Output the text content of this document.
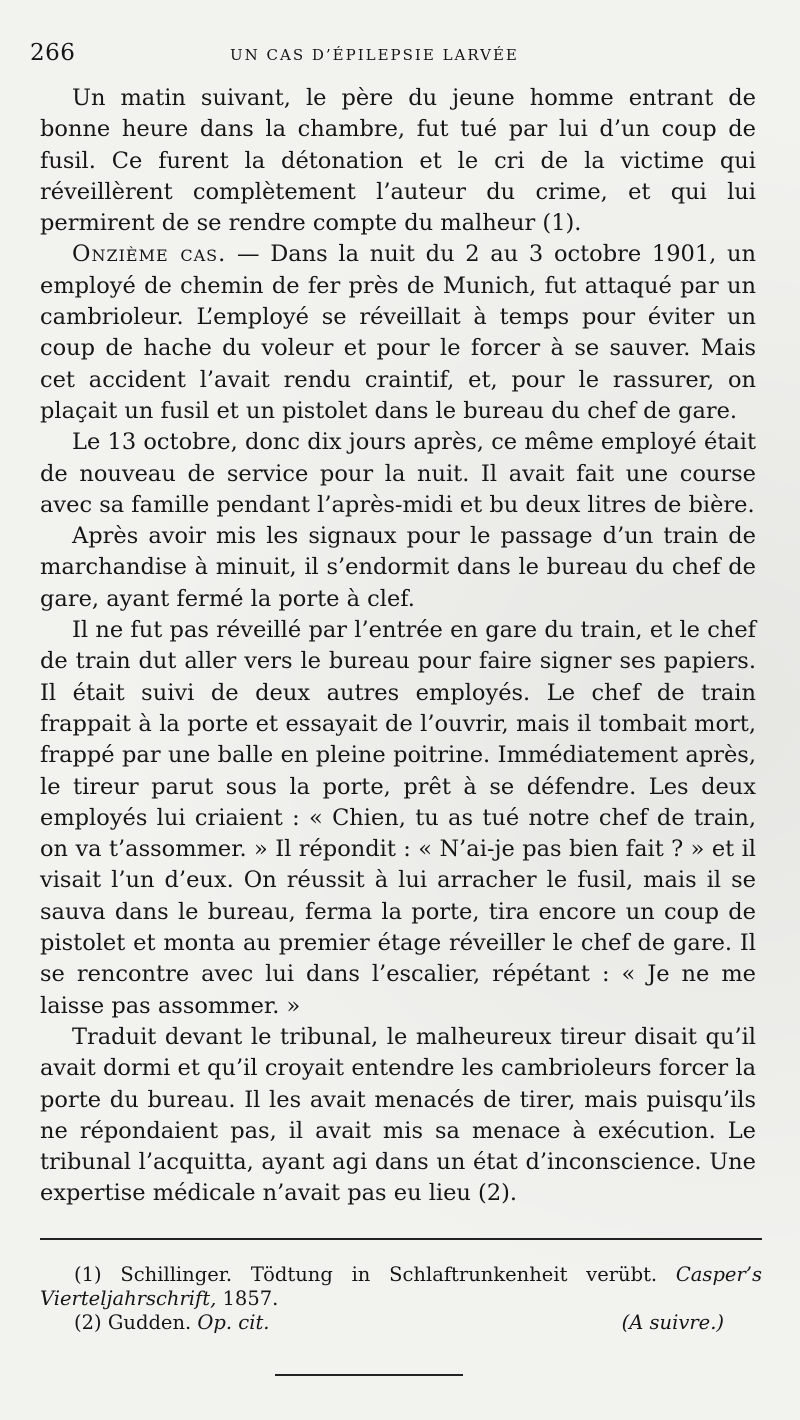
266	UN CAS D’ÉPILEPSIE LARVÉE

Un matin suivant, le père du jeune homme entrant de bonne heure dans la chambre, fut tué par lui d’un coup de fusil. Ce furent la détonation et le cri de la victime qui réveillèrent complètement l’auteur du crime, et qui lui permirent de se rendre compte du malheur (1).

Onzième cas. — Dans la nuit du 2 au 3 octobre 1901, un employé de chemin de fer près de Munich, fut attaqué par un cambrioleur. L’employé se réveillait à temps pour éviter un coup de hache du voleur et pour le forcer à se sauver. Mais cet accident l’avait rendu craintif, et, pour le rassurer, on plaçait un fusil et un pistolet dans le bureau du chef de gare.

Le 13 octobre, donc dix jours après, ce même employé était de nouveau de service pour la nuit. Il avait fait une course avec sa famille pendant l’après-midi et bu deux litres de bière.

Après avoir mis les signaux pour le passage d’un train de marchandise à minuit, il s’endormit dans le bureau du chef de gare, ayant fermé la porte à clef.

Il ne fut pas réveillé par l’entrée en gare du train, et le chef de train dut aller vers le bureau pour faire signer ses papiers. Il était suivi de deux autres employés. Le chef de train frappait à la porte et essayait de l’ouvrir, mais il tombait mort, frappé par une balle en pleine poitrine. Immédiatement après, le tireur parut sous la porte, prêt à se défendre. Les deux employés lui criaient : « Chien, tu as tué notre chef de train, on va t’assommer. » Il répondit : « N’ai-je pas bien fait ? » et il visait l’un d’eux. On réussit à lui arracher le fusil, mais il se sauva dans le bureau, ferma la porte, tira encore un coup de pistolet et monta au premier étage réveiller le chef de gare. Il se rencontre avec lui dans l’escalier, répétant : « Je ne me laisse pas assommer. »

Traduit devant le tribunal, le malheureux tireur disait qu’il avait dormi et qu’il croyait entendre les cambrioleurs forcer la porte du bureau. Il les avait menacés de tirer, mais puisqu’ils ne répondaient pas, il avait mis sa menace à exécution. Le tribunal l’acquitta, ayant agi dans un état d’inconscience. Une expertise médicale n’avait pas eu lieu (2).

(1) Schillinger. Tödtung in Schlaftrunkenheit verübt. Casper’s Vierteljahrschrift, 1857.

(2) Gudden. Op. cit.	(A suivre.)
